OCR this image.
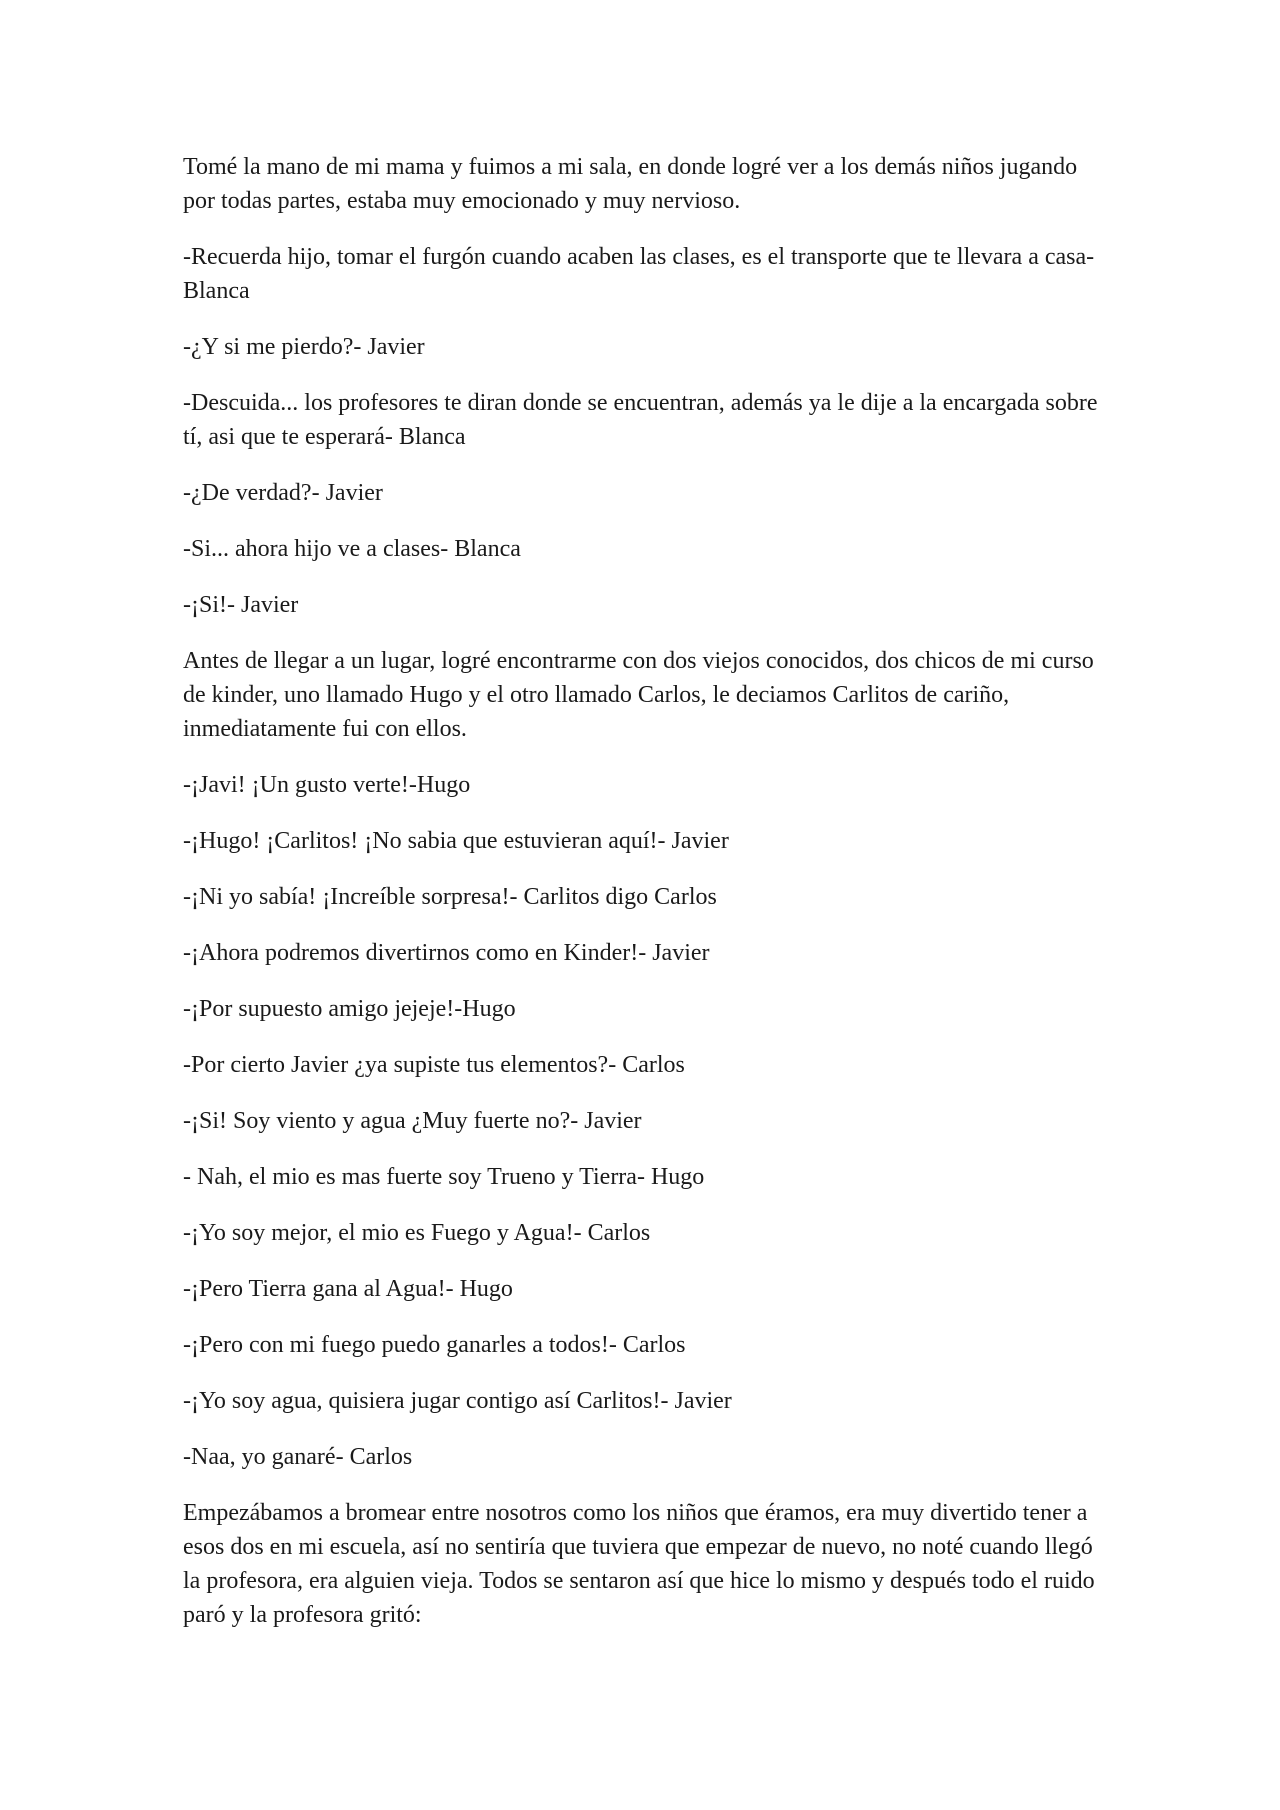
Tomé la mano de mi mama y fuimos a mi sala, en donde logré ver a los demás niños jugando por todas partes, estaba muy emocionado y muy nervioso.

-Recuerda hijo, tomar el furgón cuando acaben las clases, es el transporte que te llevara a casa- Blanca

-¿Y si me pierdo?- Javier

-Descuida... los profesores te diran donde se encuentran, además ya le dije a la encargada sobre tí, asi que te esperará- Blanca

-¿De verdad?- Javier

-Si... ahora hijo ve a clases- Blanca

-¡Si!- Javier

Antes de llegar a un lugar, logré encontrarme con dos viejos conocidos, dos chicos de mi curso de kinder, uno llamado Hugo y el otro llamado Carlos, le deciamos Carlitos de cariño, inmediatamente fui con ellos.

-¡Javi! ¡Un gusto verte!-Hugo

-¡Hugo! ¡Carlitos! ¡No sabia que estuvieran aquí!- Javier

-¡Ni yo sabía! ¡Increíble sorpresa!- Carlitos digo Carlos

-¡Ahora podremos divertirnos como en Kinder!- Javier

-¡Por supuesto amigo jejeje!-Hugo

-Por cierto Javier ¿ya supiste tus elementos?- Carlos

-¡Si! Soy viento y agua ¿Muy fuerte no?- Javier

- Nah, el mio es mas fuerte soy Trueno y Tierra- Hugo

-¡Yo soy mejor, el mio es Fuego y Agua!- Carlos

-¡Pero Tierra gana al Agua!- Hugo

-¡Pero con mi fuego puedo ganarles a todos!- Carlos

-¡Yo soy agua, quisiera jugar contigo así Carlitos!- Javier

-Naa, yo ganaré- Carlos

Empezábamos a bromear entre nosotros como los niños que éramos, era muy divertido tener a esos dos en mi escuela, así no sentiría que tuviera que empezar de nuevo, no noté cuando llegó la profesora, era alguien vieja. Todos se sentaron así que hice lo mismo y después todo el ruido paró y la profesora gritó:
